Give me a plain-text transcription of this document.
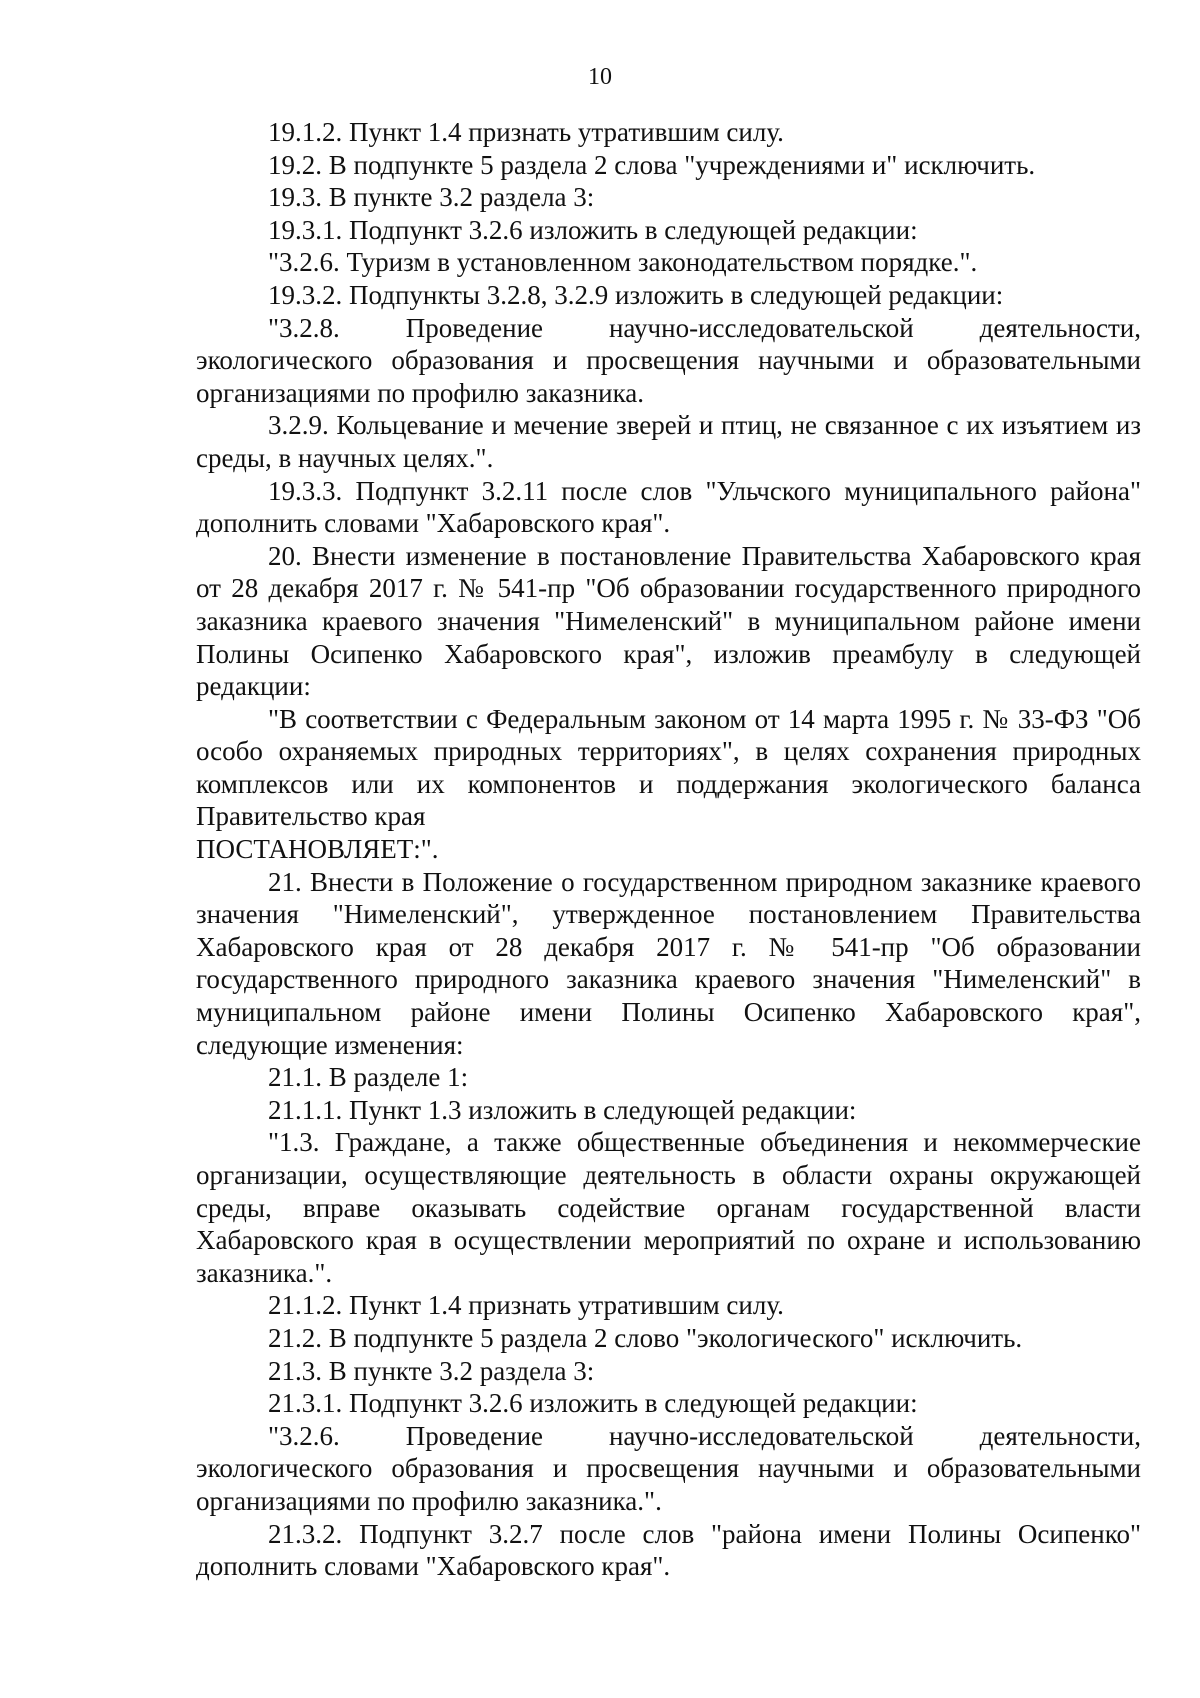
10

19.1.2. Пункт 1.4 признать утратившим силу.

19.2. В подпункте 5 раздела 2 слова "учреждениями и" исключить.

19.3. В пункте 3.2 раздела 3:

19.3.1. Подпункт 3.2.6 изложить в следующей редакции:

"3.2.6. Туризм в установленном законодательством порядке.".

19.3.2. Подпункты 3.2.8, 3.2.9 изложить в следующей редакции:

"3.2.8. Проведение научно-исследовательской деятельности, экологического образования и просвещения научными и образовательными организациями по профилю заказника.

3.2.9. Кольцевание и мечение зверей и птиц, не связанное с их изъятием из среды, в научных целях.".

19.3.3. Подпункт 3.2.11 после слов "Ульчского муниципального района" дополнить словами "Хабаровского края".

20. Внести изменение в постановление Правительства Хабаровского края от 28 декабря 2017 г. № 541-пр "Об образовании государственного природного заказника краевого значения "Нимеленский" в муниципальном районе имени Полины Осипенко Хабаровского края", изложив преамбулу в следующей редакции:

"В соответствии с Федеральным законом от 14 марта 1995 г. № 33-ФЗ "Об особо охраняемых природных территориях", в целях сохранения природных комплексов или их компонентов и поддержания экологического баланса Правительство края

ПОСТАНОВЛЯЕТ:".

21. Внести в Положение о государственном природном заказнике краевого значения "Нимеленский", утвержденное постановлением Правительства Хабаровского края от 28 декабря 2017 г. № 541-пр "Об образовании государственного природного заказника краевого значения "Нимеленский" в муниципальном районе имени Полины Осипенко Хабаровского края", следующие изменения:

21.1. В разделе 1:

21.1.1. Пункт 1.3 изложить в следующей редакции:

"1.3. Граждане, а также общественные объединения и некоммерческие организации, осуществляющие деятельность в области охраны окружающей среды, вправе оказывать содействие органам государственной власти Хабаровского края в осуществлении мероприятий по охране и использованию заказника.".

21.1.2. Пункт 1.4 признать утратившим силу.

21.2. В подпункте 5 раздела 2 слово "экологического" исключить.

21.3. В пункте 3.2 раздела 3:

21.3.1. Подпункт 3.2.6 изложить в следующей редакции:

"3.2.6. Проведение научно-исследовательской деятельности, экологического образования и просвещения научными и образовательными организациями по профилю заказника.".

21.3.2. Подпункт 3.2.7 после слов "района имени Полины Осипенко" дополнить словами "Хабаровского края".
